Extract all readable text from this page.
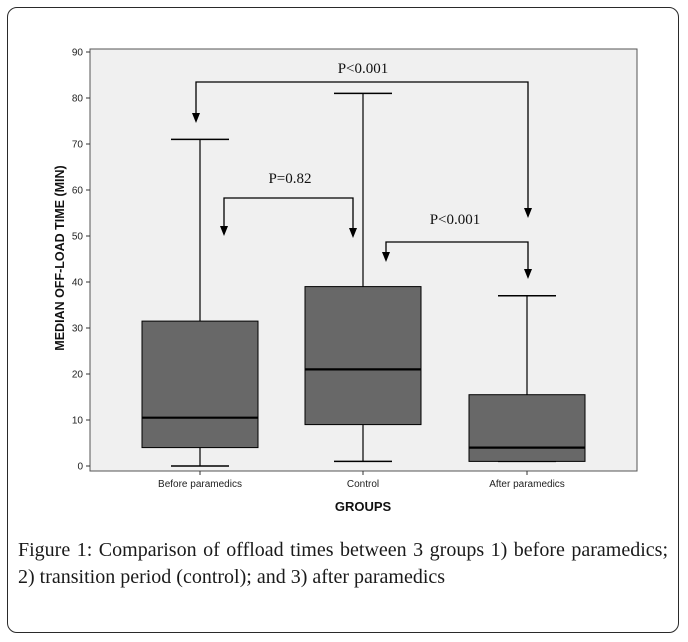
0
10
20
30
40
50
60
70
80
90
Before paramedics	Control	After paramedics
P<0.001
P=0.82
P<0.001
MEDIAN OFF-LOAD TIME (MIN)
GROUPS
Figure 1: Comparison of offload times between 3 groups 1) before paramedics; 2) transition period (control); and 3) after paramedics
